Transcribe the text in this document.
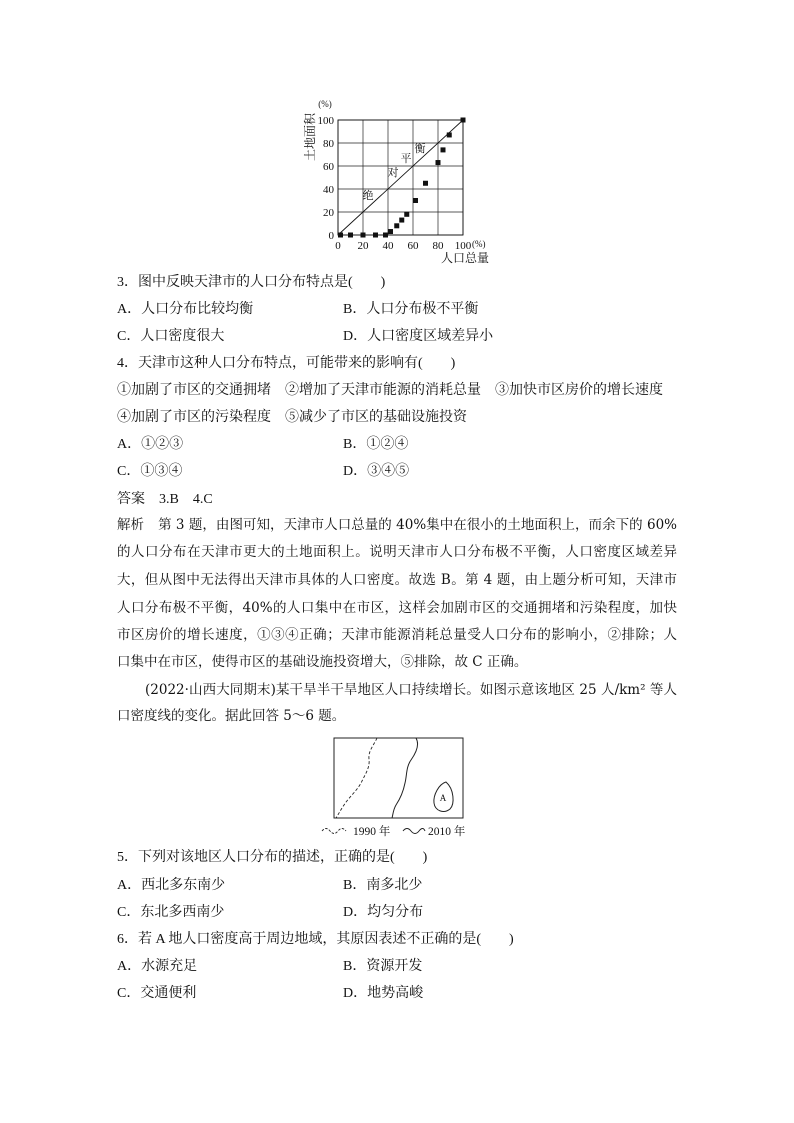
0 20 40 60 80 100
0
20
40
60
80
100
(%)
(%)
土地面积
人口总量
绝
对
平
衡
3．图中反映天津市的人口分布特点是(　　)
A．人口分布比较均衡	B．人口分布极不平衡
C．人口密度很大	D．人口密度区域差异小
4．天津市这种人口分布特点，可能带来的影响有(　　)
①加剧了市区的交通拥堵 ②增加了天津市能源的消耗总量 ③加快市区房价的增长速度
④加剧了市区的污染程度 ⑤减少了市区的基础设施投资
A．①②③	B．①②④
C．①③④	D．③④⑤
答案 3.B　4.C
解析 第 3 题，由图可知，天津市人口总量的 40%集中在很小的土地面积上，而余下的 60%
的人口分布在天津市更大的土地面积上。说明天津市人口分布极不平衡，人口密度区域差异
大，但从图中无法得出天津市具体的人口密度。故选 B。第 4 题，由上题分析可知，天津市
人口分布极不平衡，40%的人口集中在市区，这样会加剧市区的交通拥堵和污染程度，加快
市区房价的增长速度，①③④正确；天津市能源消耗总量受人口分布的影响小，②排除；人
口集中在市区，使得市区的基础设施投资增大，⑤排除，故 C 正确。
(2022·山西大同期末)某干旱半干旱地区人口持续增长。如图示意该地区 25 人/km² 等人
口密度线的变化。据此回答 5～6 题。
A
1990 年	2010 年
5．下列对该地区人口分布的描述，正确的是(　　)
A．西北多东南少	B．南多北少
C．东北多西南少	D．均匀分布
6．若 A 地人口密度高于周边地域，其原因表述不正确的是(　　)
A．水源充足	B．资源开发
C．交通便利	D．地势高峻
